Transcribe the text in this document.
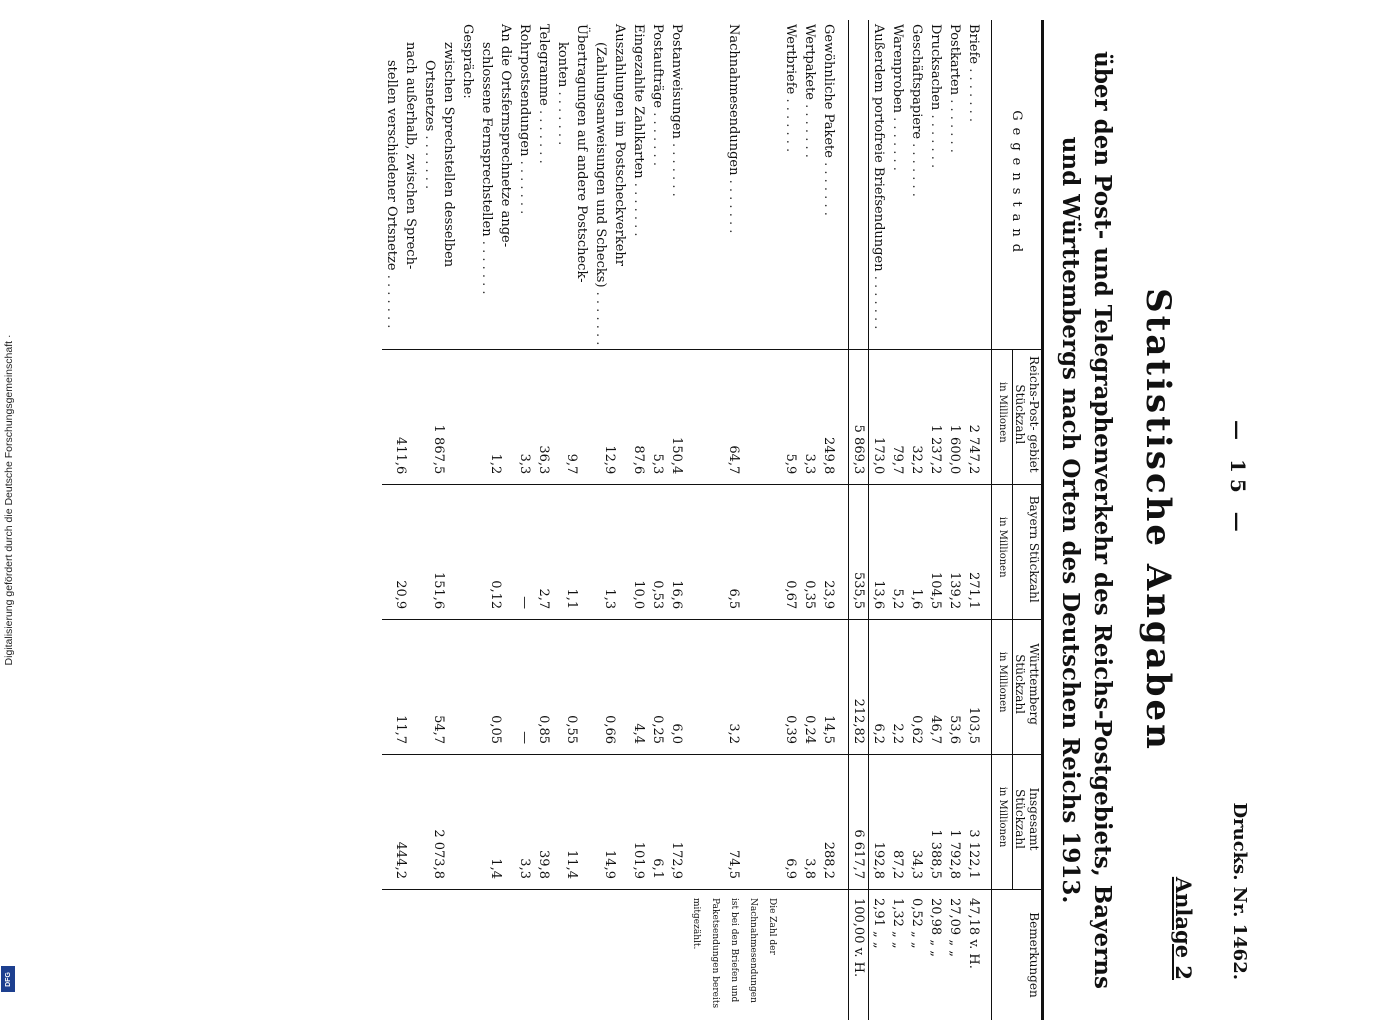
Digitalisierung gefördert durch die Deutsche Forschungsgemeinschaft ·
DFG
— 15 —
Drucks. Nr. 1462.
Anlage 2
Statistische Angaben
über den Post- und Telegraphenverkehr des Reichs-Postgebiets, Bayerns
und Württembergs nach Orten des Deutschen Reichs 1913.
Gegenstand	Reichs-Post- gebiet Stückzahl	Bayern Stückzahl	Württemberg Stückzahl	Insgesamt Stückzahl	Bemerkungen
	in Millionen	in Millionen	in Millionen	in Millionen	
Briefe . . . . . . .	2 747,2	271,1	103,5	3 122,1	47,18 v. H.
Postkarten . . . . . . .	1 600,0	139,2	53,6	1 792,8	27,09 „ „
Drucksachen . . . . . . .	1 237,2	104,5	46,7	1 388,5	20,98 „ „
Geschäftspapiere . . . . . . .	32,2	1,6	0,62	34,3	0,52 „ „
Warenproben . . . . . . .	79,7	5,2	2,2	87,2	1,32 „ „
Außerdem portofreie Briefsendungen . . . . . . .	173,0	13,6	6,2	192,8	2,91 „ „
	5 869,3	535,5	212,82	6 617,7	100,00 v. H.

Gewöhnliche Pakete . . . . . . .	249,8	23,9	14,5	288,2	
Wertpakete . . . . . . .	3,3	0,35	0,24	3,8	
Wertbriefe . . . . . . .	5,9	0,67	0,39	6,9	
Nachnahmesendungen . . . . . . .	64,7	6,5	3,2	74,5	Die Zahl der Nachnahmesendungen ist bei den Briefen und Paketsendungen bereits mitgezählt.
Postanweisungen . . . . . . .	150,4	16,6	6,0	172,9	
Postaufträge . . . . . . .	5,3	0,53	0,25	6,1	
Eingezahlte Zahlkarten . . . . . . .	87,6	10,0	4,4	101,9	
Auszahlungen im Postscheckverkehr
(Zahlungsanweisungen und Schecks) . . . . . . .	12,9	1,3	0,66	14,9	
Übertragungen auf andere Postscheck-
konten . . . . . . .	9,7	1,1	0,55	11,4	
Telegramme . . . . . . .	36,3	2,7	0,85	39,8	
Rohrpostsendungen . . . . . . .	3,3	—	—	3,3	
An die Ortsfernsprechnetze ange-
schlossene Fernsprechstellen . . . . . . .	1,2	0,12	0,05	1,4	
Gespräche:					
zwischen Sprechstellen desselben
Ortsnetzes . . . . . . .	1 867,5	151,6	54,7	2 073,8	
nach außerhalb, zwischen Sprech-
stellen verschiedener Ortsnetze . . . . . . .	411,6	20,9	11,7	444,2	
